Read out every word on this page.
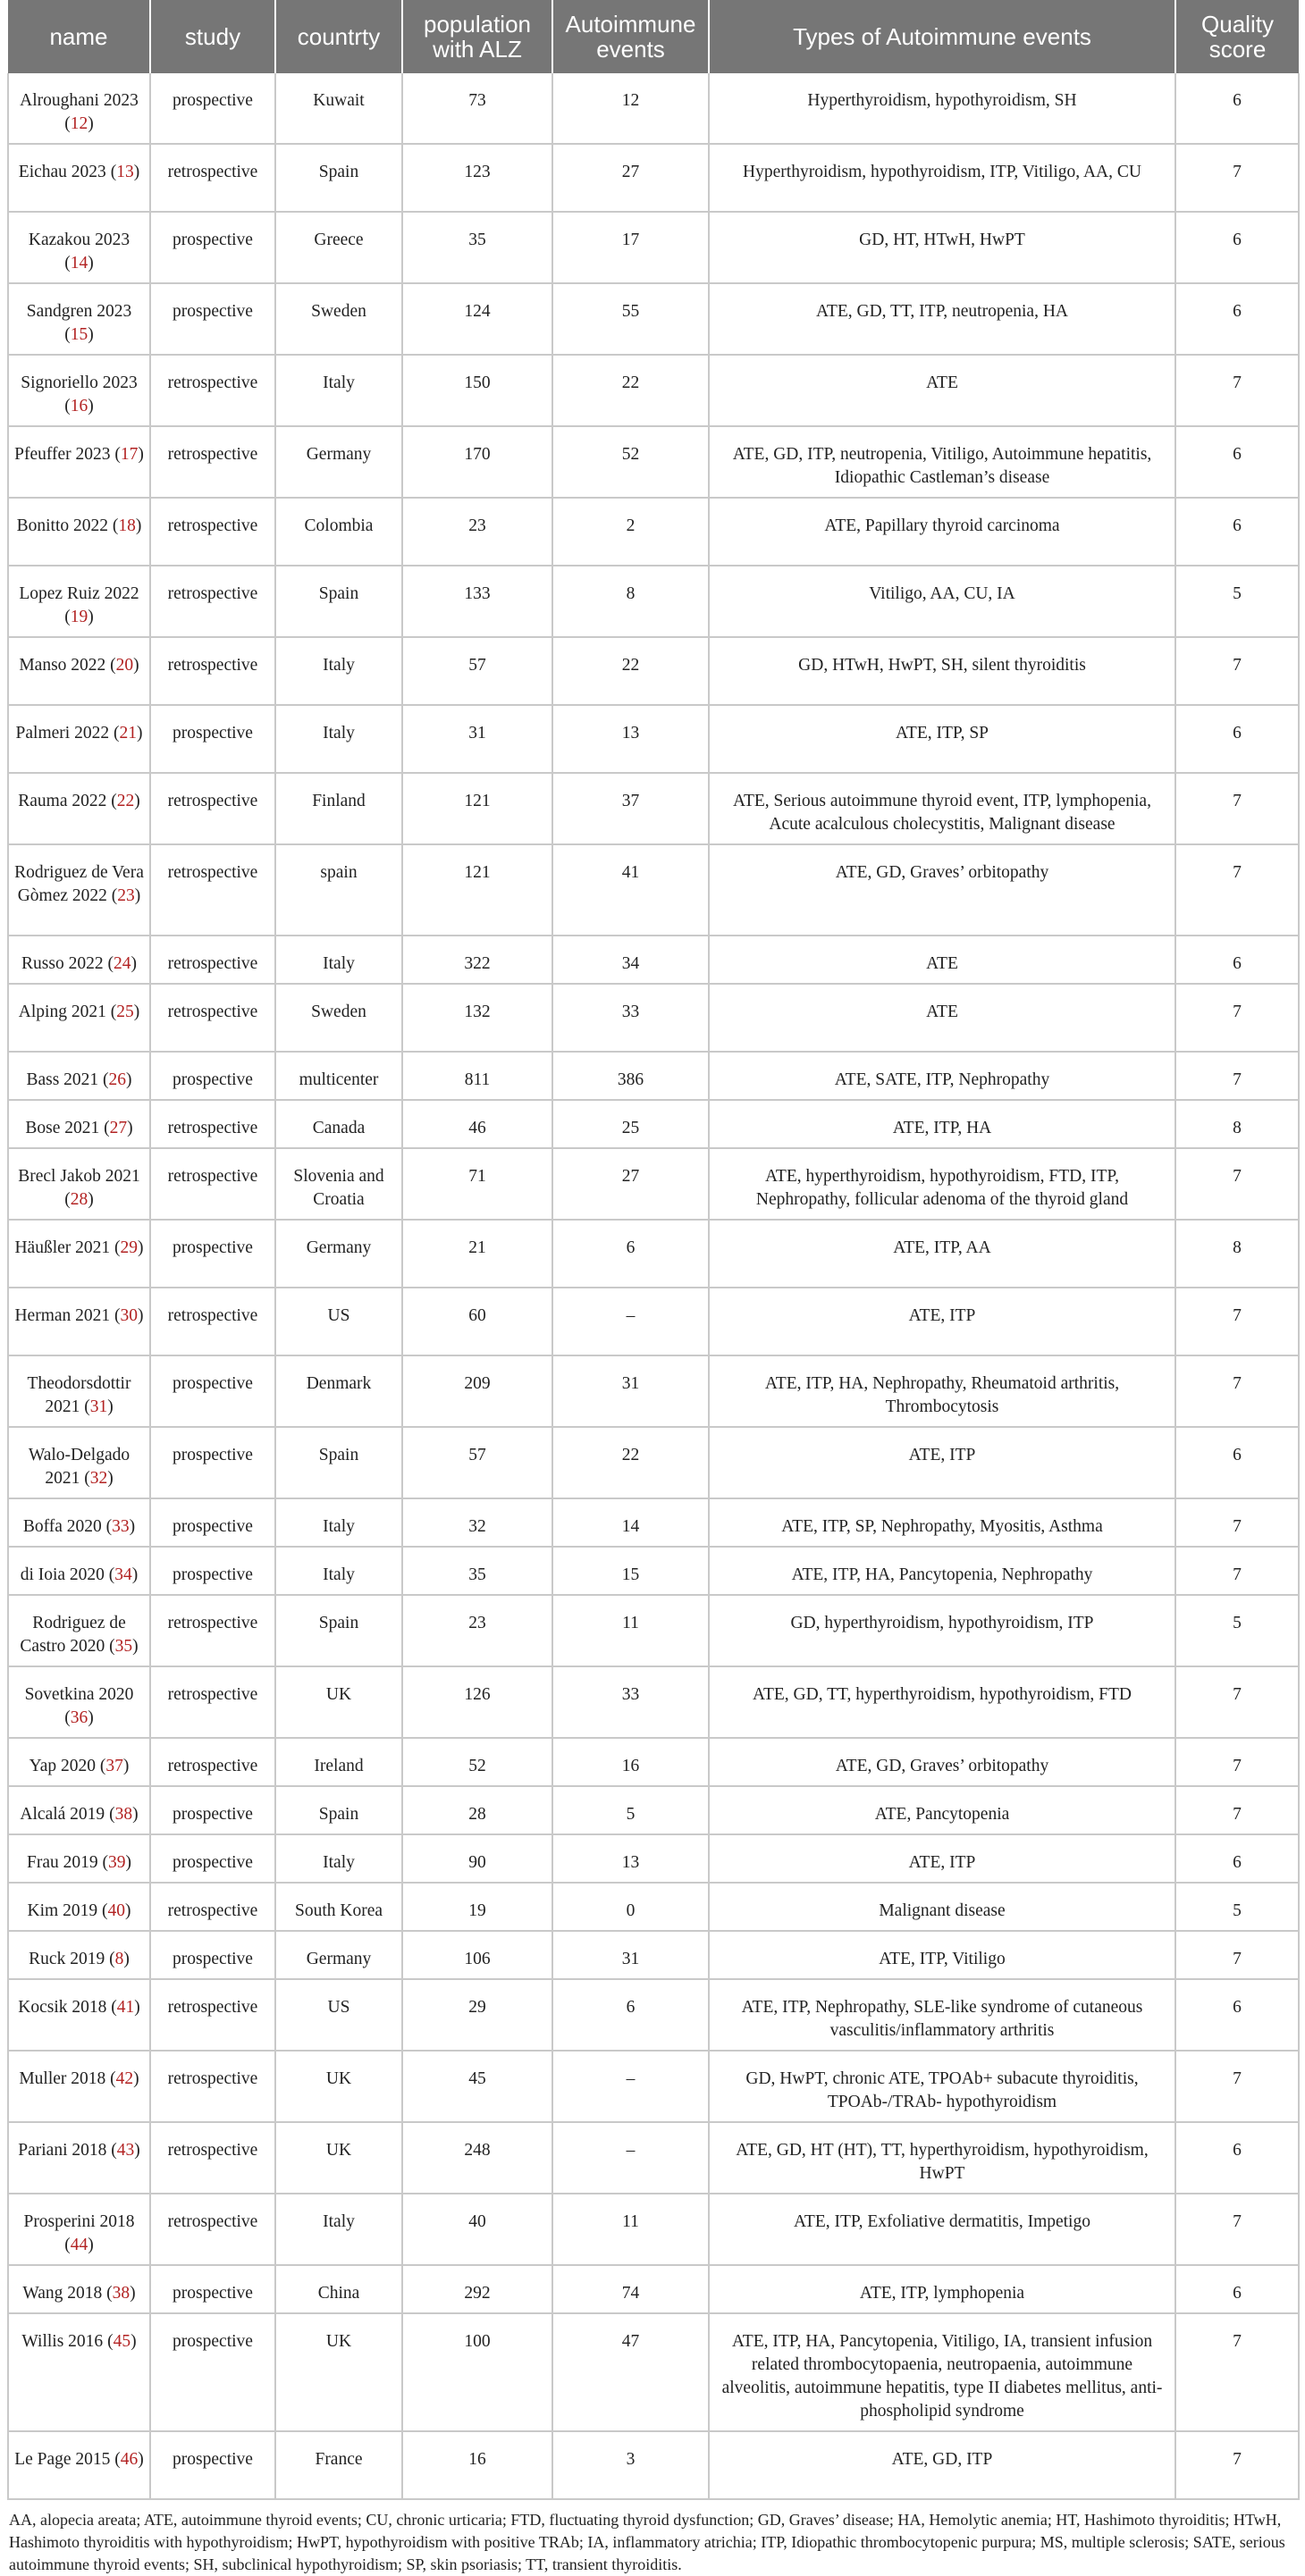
name	study	countrty	population with ALZ	Autoimmune events	Types of Autoimmune events	Quality score
Alroughani 2023 (12)	prospective	Kuwait	73	12	Hyperthyroidism, hypothyroidism, SH	6
Eichau 2023 (13)	retrospective	Spain	123	27	Hyperthyroidism, hypothyroidism, ITP, Vitiligo, AA, CU	7
Kazakou 2023 (14)	prospective	Greece	35	17	GD, HT, HTwH, HwPT	6
Sandgren 2023 (15)	prospective	Sweden	124	55	ATE, GD, TT, ITP, neutropenia, HA	6
Signoriello 2023 (16)	retrospective	Italy	150	22	ATE	7
Pfeuffer 2023 (17)	retrospective	Germany	170	52	ATE, GD, ITP, neutropenia, Vitiligo, Autoimmune hepatitis, Idiopathic Castleman’s disease	6
Bonitto 2022 (18)	retrospective	Colombia	23	2	ATE, Papillary thyroid carcinoma	6
Lopez Ruiz 2022 (19)	retrospective	Spain	133	8	Vitiligo, AA, CU, IA	5
Manso 2022 (20)	retrospective	Italy	57	22	GD, HTwH, HwPT, SH, silent thyroiditis	7
Palmeri 2022 (21)	prospective	Italy	31	13	ATE, ITP, SP	6
Rauma 2022 (22)	retrospective	Finland	121	37	ATE, Serious autoimmune thyroid event, ITP, lymphopenia, Acute acalculous cholecystitis, Malignant disease	7
Rodriguez de Vera Gòmez 2022 (23)	retrospective	spain	121	41	ATE, GD, Graves’ orbitopathy	7
Russo 2022 (24)	retrospective	Italy	322	34	ATE	6
Alping 2021 (25)	retrospective	Sweden	132	33	ATE	7
Bass 2021 (26)	prospective	multicenter	811	386	ATE, SATE, ITP, Nephropathy	7
Bose 2021 (27)	retrospective	Canada	46	25	ATE, ITP, HA	8
Brecl Jakob 2021 (28)	retrospective	Slovenia and Croatia	71	27	ATE, hyperthyroidism, hypothyroidism, FTD, ITP, Nephropathy, follicular adenoma of the thyroid gland	7
Häußler 2021 (29)	prospective	Germany	21	6	ATE, ITP, AA	8
Herman 2021 (30)	retrospective	US	60	–	ATE, ITP	7
Theodorsdottir 2021 (31)	prospective	Denmark	209	31	ATE, ITP, HA, Nephropathy, Rheumatoid arthritis, Thrombocytosis	7
Walo-Delgado 2021 (32)	prospective	Spain	57	22	ATE, ITP	6
Boffa 2020 (33)	prospective	Italy	32	14	ATE, ITP, SP, Nephropathy, Myositis, Asthma	7
di Ioia 2020 (34)	prospective	Italy	35	15	ATE, ITP, HA, Pancytopenia, Nephropathy	7
Rodriguez de Castro 2020 (35)	retrospective	Spain	23	11	GD, hyperthyroidism, hypothyroidism, ITP	5
Sovetkina 2020 (36)	retrospective	UK	126	33	ATE, GD, TT, hyperthyroidism, hypothyroidism, FTD	7
Yap 2020 (37)	retrospective	Ireland	52	16	ATE, GD, Graves’ orbitopathy	7
Alcalá 2019 (38)	prospective	Spain	28	5	ATE, Pancytopenia	7
Frau 2019 (39)	prospective	Italy	90	13	ATE, ITP	6
Kim 2019 (40)	retrospective	South Korea	19	0	Malignant disease	5
Ruck 2019 (8)	prospective	Germany	106	31	ATE, ITP, Vitiligo	7
Kocsik 2018 (41)	retrospective	US	29	6	ATE, ITP, Nephropathy, SLE-like syndrome of cutaneous vasculitis/inflammatory arthritis	6
Muller 2018 (42)	retrospective	UK	45	–	GD, HwPT, chronic ATE, TPOAb+ subacute thyroiditis, TPOAb-/TRAb- hypothyroidism	7
Pariani 2018 (43)	retrospective	UK	248	–	ATE, GD, HT (HT), TT, hyperthyroidism, hypothyroidism, HwPT	6
Prosperini 2018 (44)	retrospective	Italy	40	11	ATE, ITP, Exfoliative dermatitis, Impetigo	7
Wang 2018 (38)	prospective	China	292	74	ATE, ITP, lymphopenia	6
Willis 2016 (45)	prospective	UK	100	47	ATE, ITP, HA, Pancytopenia, Vitiligo, IA, transient infusion related thrombocytopaenia, neutropaenia, autoimmune alveolitis, autoimmune hepatitis, type II diabetes mellitus, anti-phospholipid syndrome	7
Le Page 2015 (46)	prospective	France	16	3	ATE, GD, ITP	7
AA, alopecia areata; ATE, autoimmune thyroid events; CU, chronic urticaria; FTD, fluctuating thyroid dysfunction; GD, Graves’ disease; HA, Hemolytic anemia; HT, Hashimoto thyroiditis; HTwH, Hashimoto thyroiditis with hypothyroidism; HwPT, hypothyroidism with positive TRAb; IA, inflammatory atrichia; ITP, Idiopathic thrombocytopenic purpura; MS, multiple sclerosis; SATE, serious autoimmune thyroid events; SH, subclinical hypothyroidism; SP, skin psoriasis; TT, transient thyroiditis.
